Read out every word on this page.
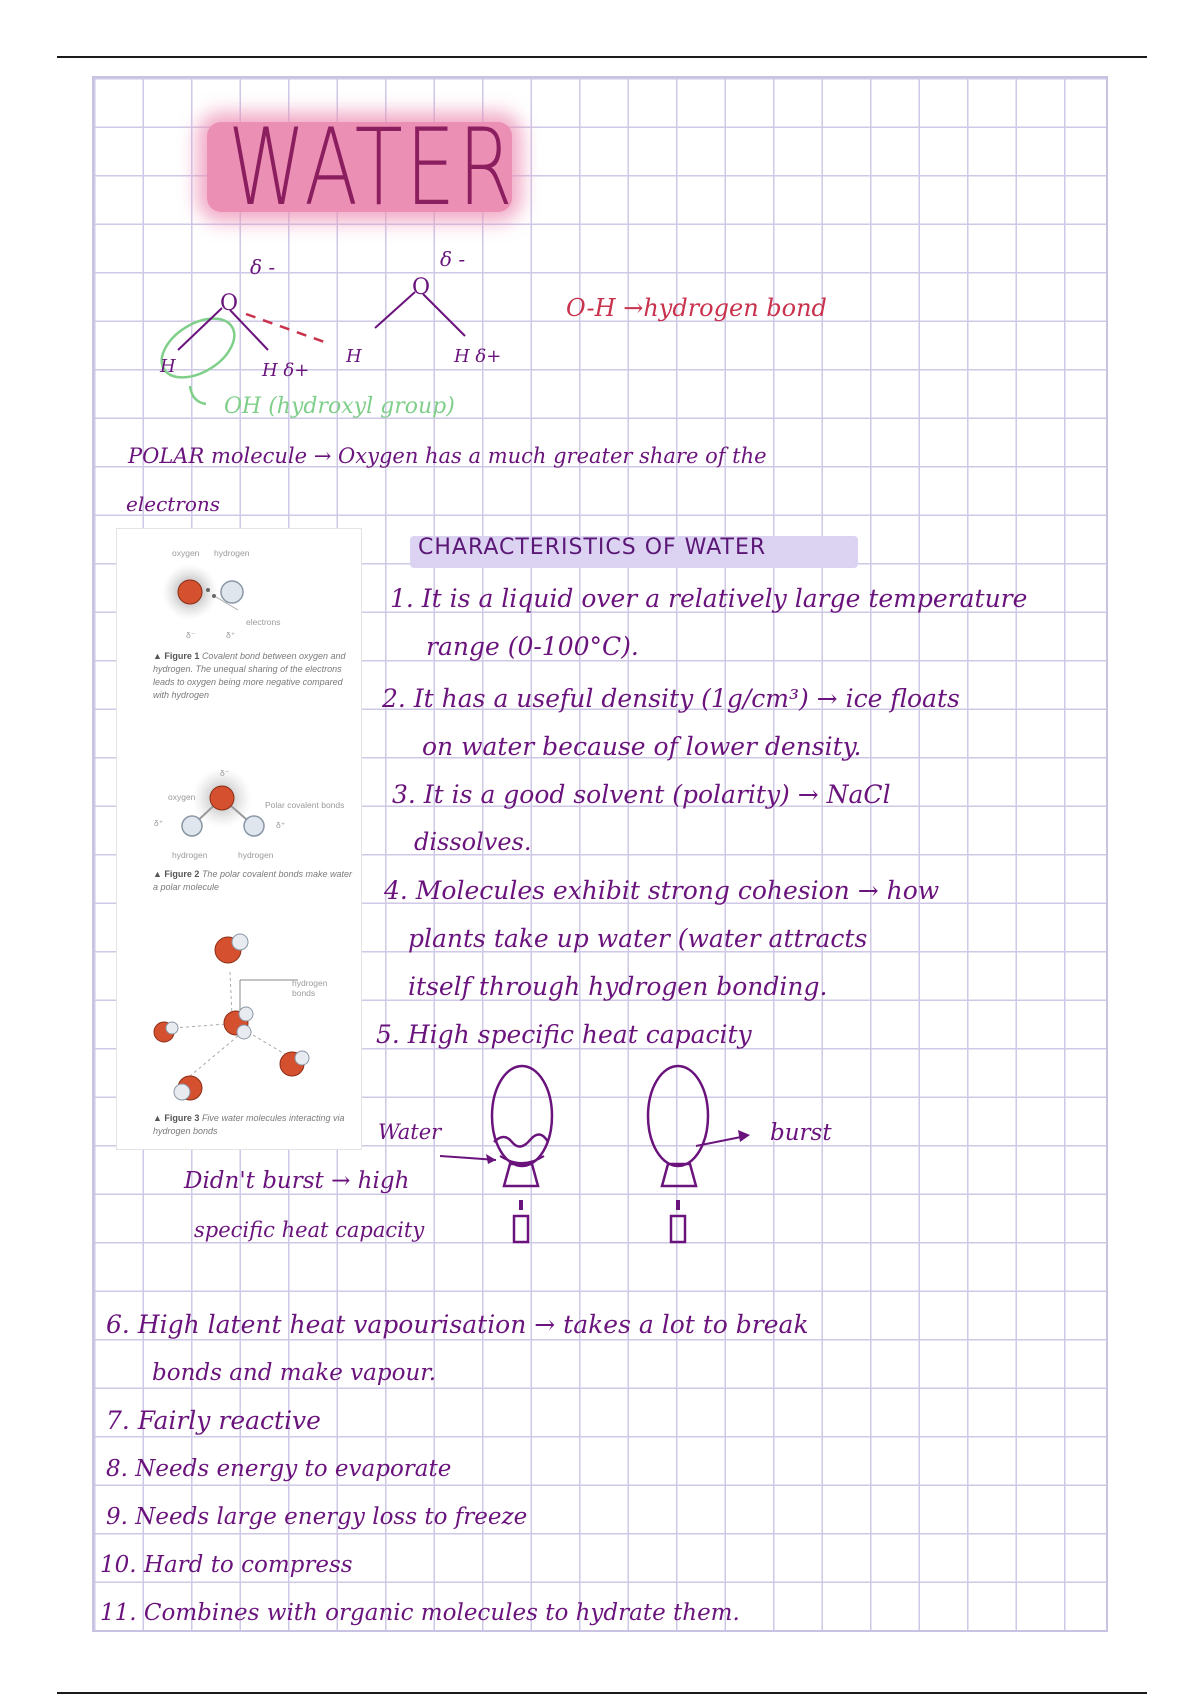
WATER
O
O
δ -	δ -
H	H δ+
H	H δ+
OH (hydroxyl group)
O-H →hydrogen bond
POLAR molecule → Oxygen has a much greater share of the
electrons
oxygen hydrogen
electrons
δ⁻	δ⁺
▲ Figure 1 Covalent bond between oxygen and hydrogen. The unequal sharing of the electrons leads to oxygen being more negative compared with hydrogen
δ⁻
oxygen
Polar covalent bonds
δ⁺	δ⁺
hydrogen	hydrogen
▲ Figure 2 The polar covalent bonds make water a polar molecule
hydrogen bonds
▲ Figure 3 Five water molecules interacting via hydrogen bonds
CHARACTERISTICS OF WATER
1. It is a liquid over a relatively large temperature
range (0-100°C).
2. It has a useful density (1g/cm³) → ice floats
on water because of lower density.
3. It is a good solvent (polarity) → NaCl
dissolves.
4. Molecules exhibit strong cohesion → how
plants take up water (water attracts
itself through hydrogen bonding.
5. High specific heat capacity
Water	burst
Didn't burst → high
specific heat capacity
6. High latent heat vapourisation → takes a lot to break
bonds and make vapour.
7. Fairly reactive
8. Needs energy to evaporate
9. Needs large energy loss to freeze
10. Hard to compress
11. Combines with organic molecules to hydrate them.
